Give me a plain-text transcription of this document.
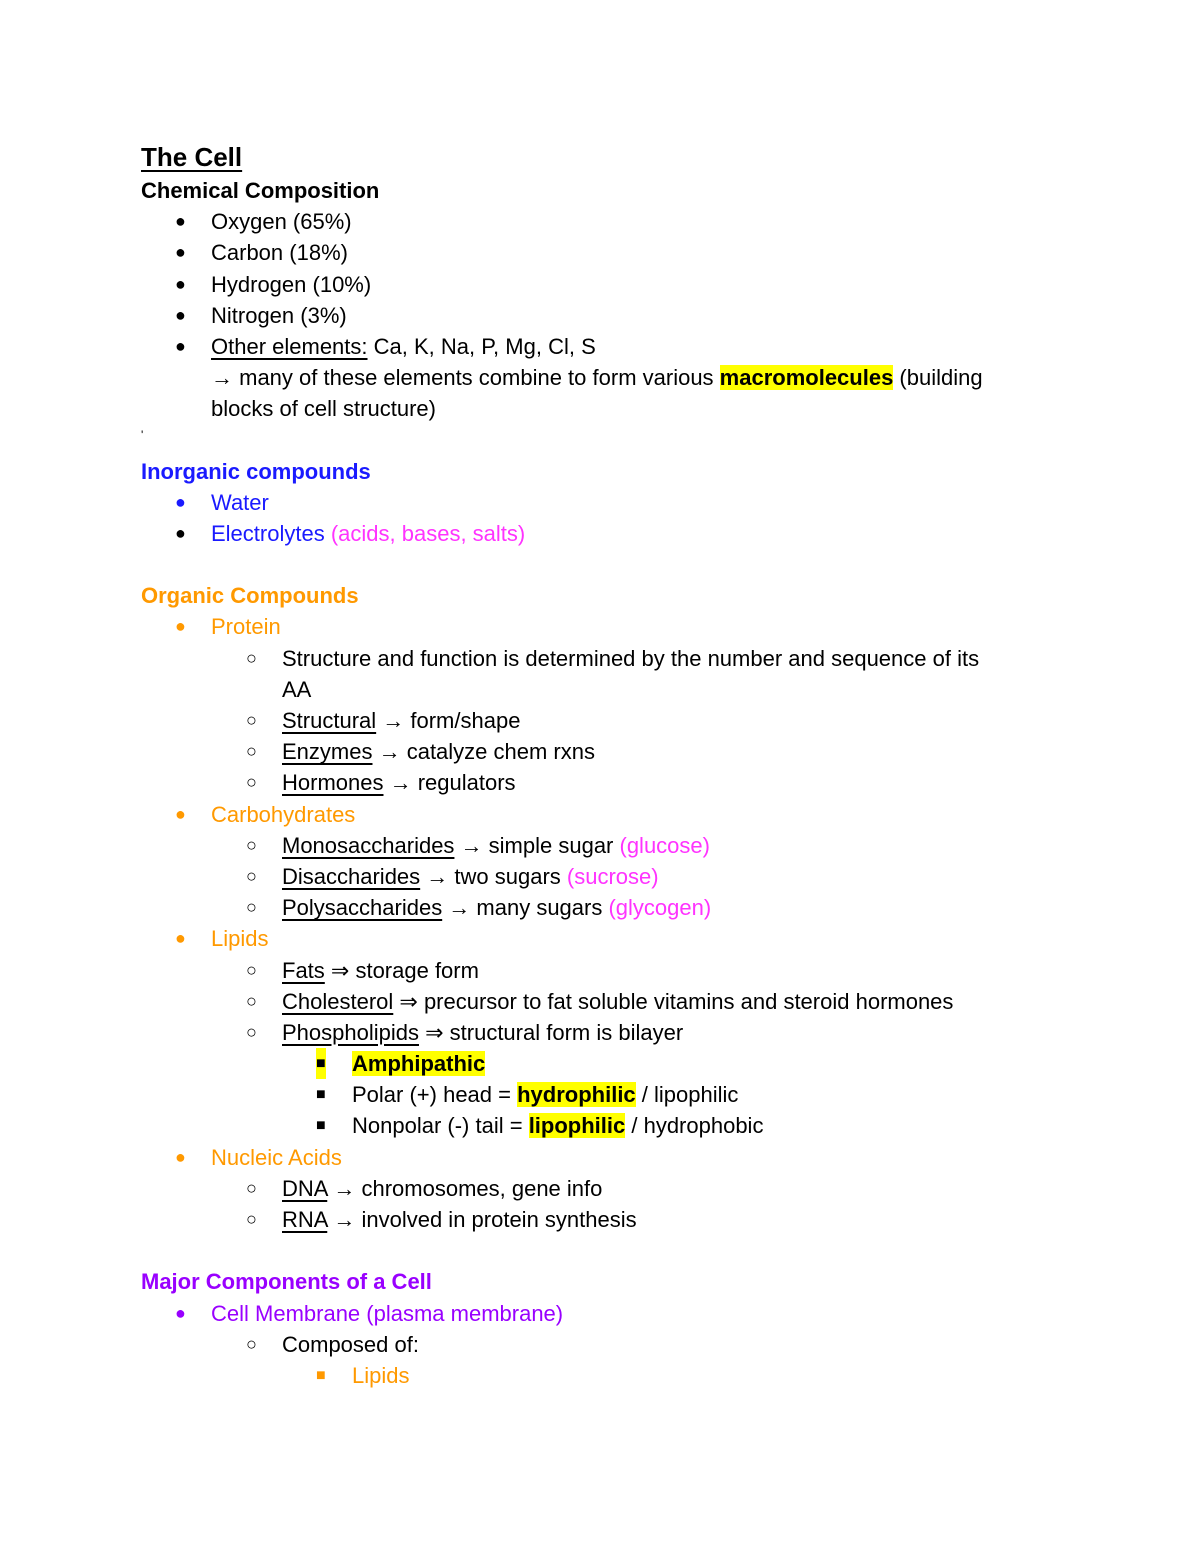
The Cell
Chemical Composition
● Oxygen (65%)
● Carbon (18%)
● Hydrogen (10%)
● Nitrogen (3%)
● Other elements: Ca, K, Na, P, Mg, Cl, S
→ many of these elements combine to form various macromolecules (building
blocks of cell structure)
'
Inorganic compounds
● Water
● Electrolytes (acids, bases, salts)
Organic Compounds
● Protein
○ Structure and function is determined by the number and sequence of its
AA
○ Structural → form/shape
○ Enzymes → catalyze chem rxns
○ Hormones → regulators
● Carbohydrates
○ Monosaccharides → simple sugar (glucose)
○ Disaccharides → two sugars (sucrose)
○ Polysaccharides → many sugars (glycogen)
● Lipids
○ Fats ⇒ storage form
○ Cholesterol ⇒ precursor to fat soluble vitamins and steroid hormones
○ Phospholipids ⇒ structural form is bilayer
■ Amphipathic
■ Polar (+) head = hydrophilic / lipophilic
■ Nonpolar (-) tail = lipophilic / hydrophobic
● Nucleic Acids
○ DNA → chromosomes, gene info
○ RNA → involved in protein synthesis
Major Components of a Cell
● Cell Membrane (plasma membrane)
○ Composed of:
■ Lipids
